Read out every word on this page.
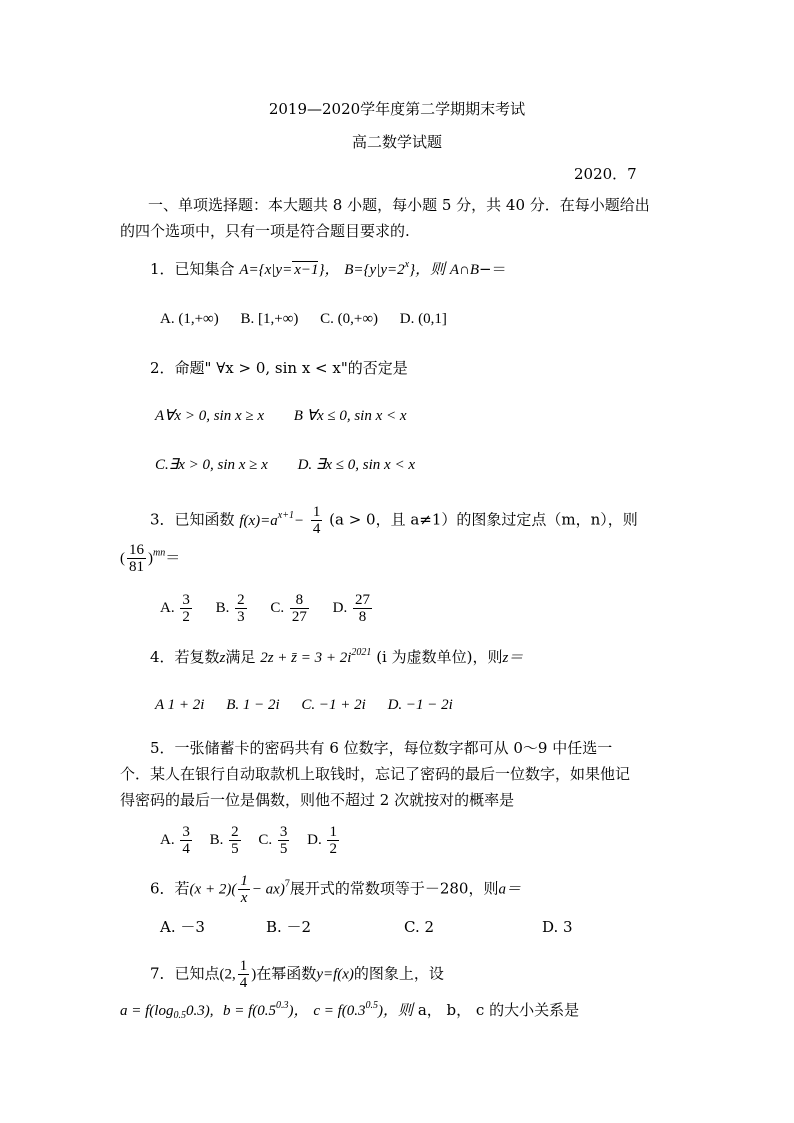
2019—2020学年度第二学期期末考试
高二数学试题
2020．7
一、单项选择题：本大题共 8 小题，每小题 5 分，共 40 分．在每小题给出
的四个选项中，只有一项是符合题目要求的.
1．已知集合 A={x|y= x−1}， $B=\{y|y=2^x\}$，则 A∩B−＝
A. (1,+∞) B. [1,+∞) C. (0,+∞) D. (0,1]
2．命题" ∀x > 0, sin x < x"的否定是
A∀x > 0, sin x ≥ x B ∀x ≤ 0, sin x < x
C.∃x > 0, sin x ≥ x D. ∃x ≤ 0, sin x < x
3．已知函数 $f(x)=a^{x+1}- \frac{1}{4} (a > 0$，且 a≠1）的图象过定点（m，n），则
( $\frac{16}{81} )^{mn}=$
A. $\frac{3}{2} B$. $\frac{2}{3} C$. $\frac{8}{27} D$. $\frac{27}{8}$
4．若复数z满足 2z + z̄ = $3 + 2i^{2021}$ (i 为虚数单位)，则z＝
A 1 + 2i B. 1 − 2i C. −1 + 2i D. −1 − 2i
5．一张储蓄卡的密码共有 6 位数字，每位数字都可从 0～9 中任选一
个．某人在银行自动取款机上取钱时，忘记了密码的最后一位数字，如果他记
得密码的最后一位是偶数，则他不超过 2 次就按对的概率是
A. $\frac{3}{4} B$. $\frac{2}{5} C$. $\frac{3}{5} D$. $\frac{1}{2}$
6．若$(x + 2)( \frac{1}{x} - ax)^7$展开式的常数项等于－280，则a＝
A. －3	B. －2	C. 2	D. 3
7．已知点(2, $\frac{1}{4}$ )在幂函数y=f(x)的图象上，设
$a = f(\log_{0.5}0.3)$, $b = f(0.5^{0.3})$， $c = f(0.3^{0.5})$，则 a， b， c 的大小关系是
